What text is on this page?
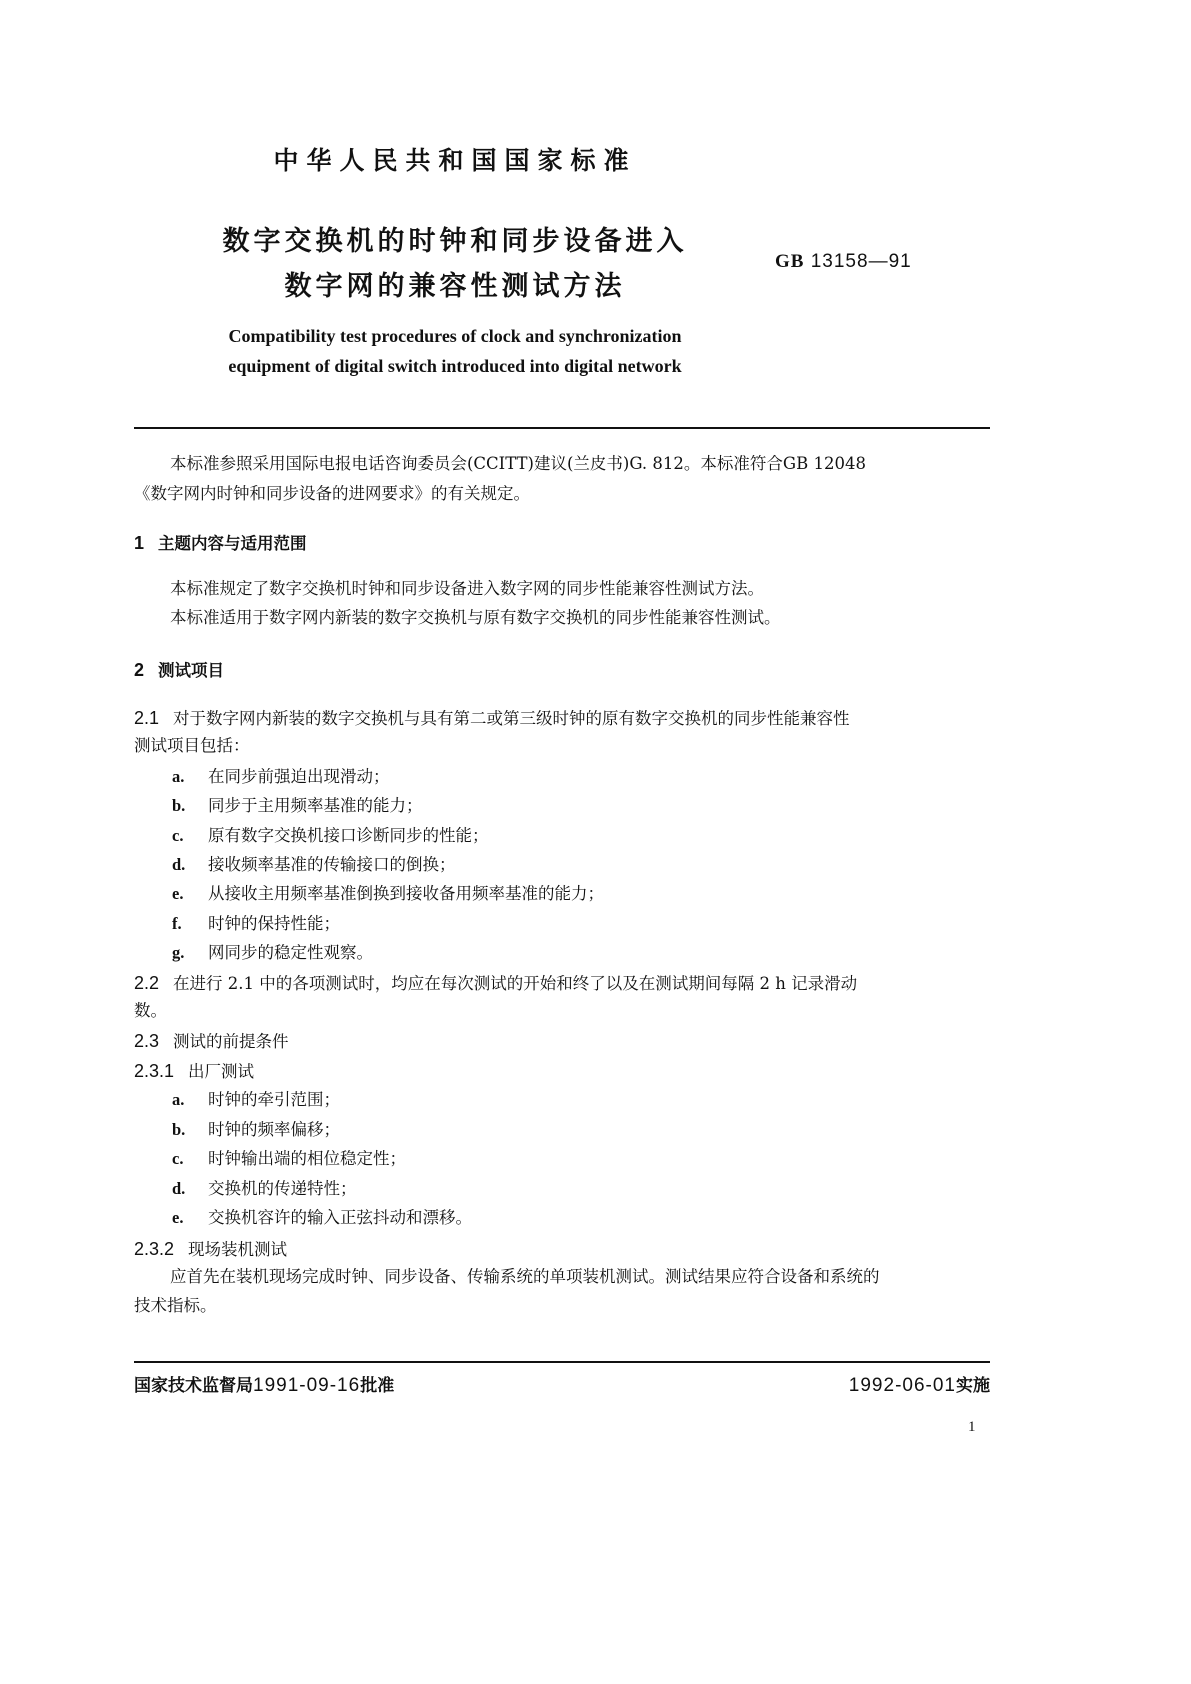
中华人民共和国国家标准
数字交换机的时钟和同步设备进入
数字网的兼容性测试方法
GB 13158—91
Compatibility test procedures of clock and synchronization
equipment of digital switch introduced into digital network
本标准参照采用国际电报电话咨询委员会(CCITT)建议(兰皮书)G. 812。本标准符合GB 12048
《数字网内时钟和同步设备的进网要求》的有关规定。
1 主题内容与适用范围
本标准规定了数字交换机时钟和同步设备进入数字网的同步性能兼容性测试方法。
本标准适用于数字网内新装的数字交换机与原有数字交换机的同步性能兼容性测试。
2 测试项目
2.1 对于数字网内新装的数字交换机与具有第二或第三级时钟的原有数字交换机的同步性能兼容性
测试项目包括：
a. 在同步前强迫出现滑动；
b. 同步于主用频率基准的能力；
c. 原有数字交换机接口诊断同步的性能；
d. 接收频率基准的传输接口的倒换；
e. 从接收主用频率基准倒换到接收备用频率基准的能力；
f. 时钟的保持性能；
g. 网同步的稳定性观察。
2.2 在进行 2.1 中的各项测试时，均应在每次测试的开始和终了以及在测试期间每隔 2 h 记录滑动
数。
2.3 测试的前提条件
2.3.1 出厂测试
a. 时钟的牵引范围；
b. 时钟的频率偏移；
c. 时钟输出端的相位稳定性；
d. 交换机的传递特性；
e. 交换机容许的输入正弦抖动和漂移。
2.3.2 现场装机测试
应首先在装机现场完成时钟、同步设备、传输系统的单项装机测试。测试结果应符合设备和系统的
技术指标。
国家技术监督局1991-09-16批准	1992-06-01实施
1
